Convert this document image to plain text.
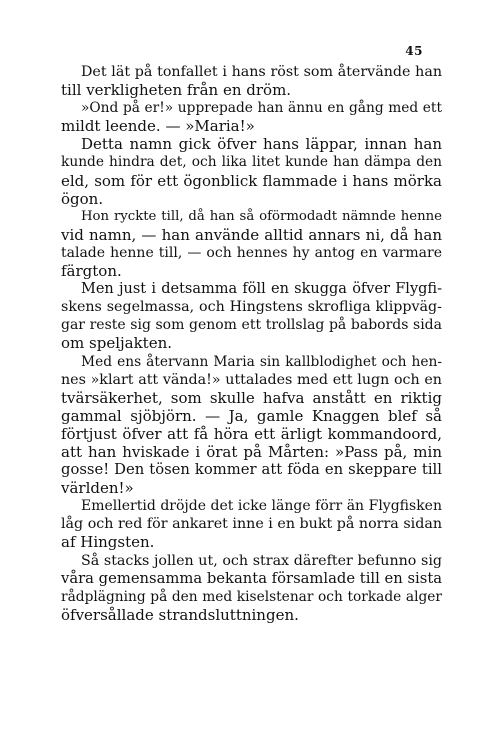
45
Det lät på tonfallet i hans röst som återvände han
till verkligheten från en dröm.
»Ond på er!» upprepade han ännu en gång med ett
mildt leende. — »Maria!»
Detta namn gick öfver hans läppar, innan han
kunde hindra det, och lika litet kunde han dämpa den
eld, som för ett ögonblick flammade i hans mörka
ögon.
Hon ryckte till, då han så oförmodadt nämnde henne
vid namn, — han använde alltid annars ni, då han
talade henne till, — och hennes hy antog en varmare
färgton.
Men just i detsamma föll en skugga öfver Flygfi-
skens segelmassa, och Hingstens skrofliga klippväg-
gar reste sig som genom ett trollslag på babords sida
om speljakten.
Med ens återvann Maria sin kallblodighet och hen-
nes »klart att vända!» uttalades med ett lugn och en
tvärsäkerhet, som skulle hafva anstått en riktig
gammal sjöbjörn. — Ja, gamle Knaggen blef så
förtjust öfver att få höra ett ärligt kommandoord,
att han hviskade i örat på Mårten: »Pass på, min
gosse! Den tösen kommer att föda en skeppare till
världen!»
Emellertid dröjde det icke länge förr än Flygfisken
låg och red för ankaret inne i en bukt på norra sidan
af Hingsten.
Så stacks jollen ut, och strax därefter befunno sig
våra gemensamma bekanta församlade till en sista
rådplägning på den med kiselstenar och torkade alger
öfversållade strandsluttningen.
